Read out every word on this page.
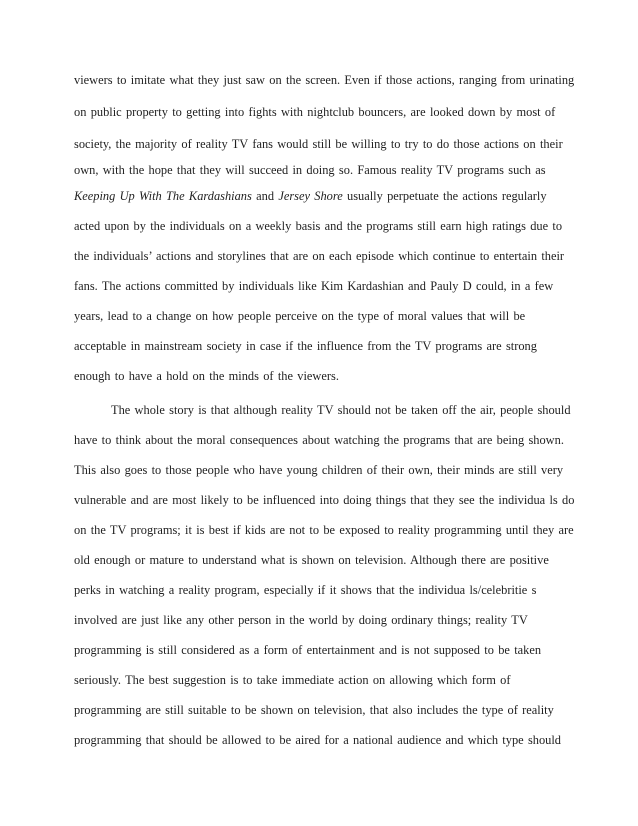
viewers to imitate what they just saw on the screen. Even if those actions, ranging from urinating
on public property to getting into fights with nightclub bouncers, are looked down by most of
society, the majority of reality TV fans would still be willing to try to do those actions on their
own, with the hope that they will succeed in doing so. Famous reality TV programs such as
Keeping Up With The Kardashians and Jersey Shore usually perpetuate the actions regularly
acted upon by the individuals on a weekly basis and the programs still earn high ratings due to
the individuals’ actions and storylines that are on each episode which continue to entertain their
fans. The actions committed by individuals like Kim Kardashian and Pauly D could, in a few
years, lead to a change on how people perceive on the type of moral values that will be
acceptable in mainstream society in case if the influence from the TV programs are strong
enough to have a hold on the minds of the viewers.
The whole story is that although reality TV should not be taken off the air, people should
have to think about the moral consequences about watching the programs that are being shown.
This also goes to those people who have young children of their own, their minds are still very
vulnerable and are most likely to be influenced into doing things that they see the individua ls do
on the TV programs; it is best if kids are not to be exposed to reality programming until they are
old enough or mature to understand what is shown on television. Although there are positive
perks in watching a reality program, especially if it shows that the individua ls/celebritie s
involved are just like any other person in the world by doing ordinary things; reality TV
programming is still considered as a form of entertainment and is not supposed to be taken
seriously. The best suggestion is to take immediate action on allowing which form of
programming are still suitable to be shown on television, that also includes the type of reality
programming that should be allowed to be aired for a national audience and which type should
